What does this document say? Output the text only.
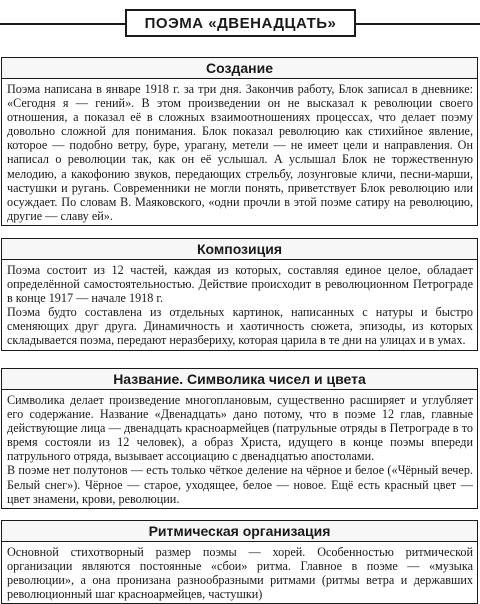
ПОЭМА «ДВЕНАДЦАТЬ»
Создание

Поэма написана в январе 1918 г. за три дня. Закончив работу, Блок записал в дневнике: «Сегодня я — гений». В этом произведении он не высказал к революции своего отношения, а показал её в сложных взаимоотношениях процессах, что делает поэму довольно сложной для понимания. Блок показал революцию как стихийное явление, которое — подобно ветру, буре, урагану, метели — не имеет цели и направления. Он написал о революции так, как он её услышал. А услышал Блок не торжественную мелодию, а какофонию звуков, передающих стрельбу, лозунговые кличи, песни-марши, частушки и ругань. Современники не могли понять, приветствует Блок революцию или осуждает. По словам В. Маяковского, «одни прочли в этой поэме сатиру на революцию, другие — славу ей».

Композиция

Поэма состоит из 12 частей, каждая из которых, составляя единое целое, обладает определённой самостоятельностью. Действие происходит в революционном Петрограде в конце 1917 — начале 1918 г.

Поэма будто составлена из отдельных картинок, написанных с натуры и быстро сменяющих друг друга. Динамичность и хаотичность сюжета, эпизоды, из которых складывается поэма, передают неразбериху, которая царила в те дни на улицах и в умах.

Название. Символика чисел и цвета

Символика делает произведение многоплановым, существенно расширяет и углубляет его содержание. Название «Двенадцать» дано потому, что в поэме 12 глав, главные действующие лица — двенадцать красноармейцев (патрульные отряды в Петрограде в то время состояли из 12 человек), а образ Христа, идущего в конце поэмы впереди патрульного отряда, вызывает ассоциацию с двенадцатью апостолами.

В поэме нет полутонов — есть только чёткое деление на чёрное и белое («Чёрный вечер. Белый снег»). Чёрное — старое, уходящее, белое — новое. Ещё есть красный цвет — цвет знамени, крови, революции.

Ритмическая организация

Основной стихотворный размер поэмы — хорей. Особенностью ритмической организации являются постоянные «сбои» ритма. Главное в поэме — «музыка революции», а она пронизана разнообразными ритмами (ритмы ветра и державших революционный шаг красноармейцев, частушки)
